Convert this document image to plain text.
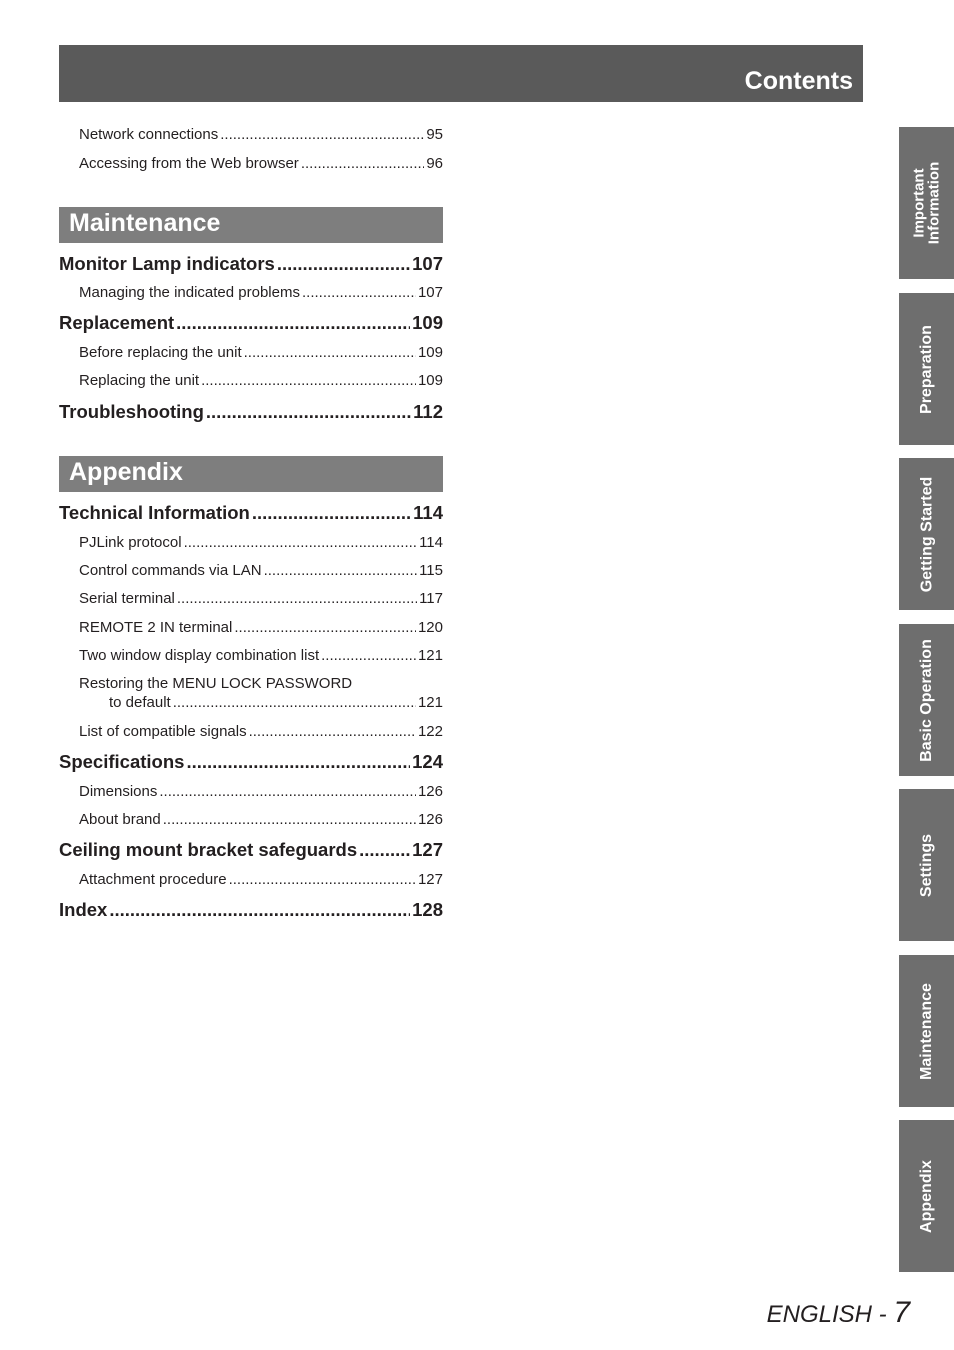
Contents
Network connections .....	95
Accessing from the Web browser .....	96
Maintenance
Monitor Lamp indicators .....	107
Managing the indicated problems .....	107
Replacement .....	109
Before replacing the unit .....	109
Replacing the unit .....	109
Troubleshooting .....	112
Appendix
Technical Information .....	114
PJLink protocol .....	114
Control commands via LAN .....	115
Serial terminal .....	117
REMOTE 2 IN terminal .....	120
Two window display combination list .....	121
Restoring the MENU LOCK PASSWORD
to default .....	121
List of compatible signals .....	122
Specifications .....	124
Dimensions .....	126
About brand .....	126
Ceiling mount bracket safeguards .....	127
Attachment procedure .....	127
Index .....	128
Important
Information
Preparation
Getting Started
Basic Operation
Settings
Maintenance
Appendix
ENGLISH - 7
